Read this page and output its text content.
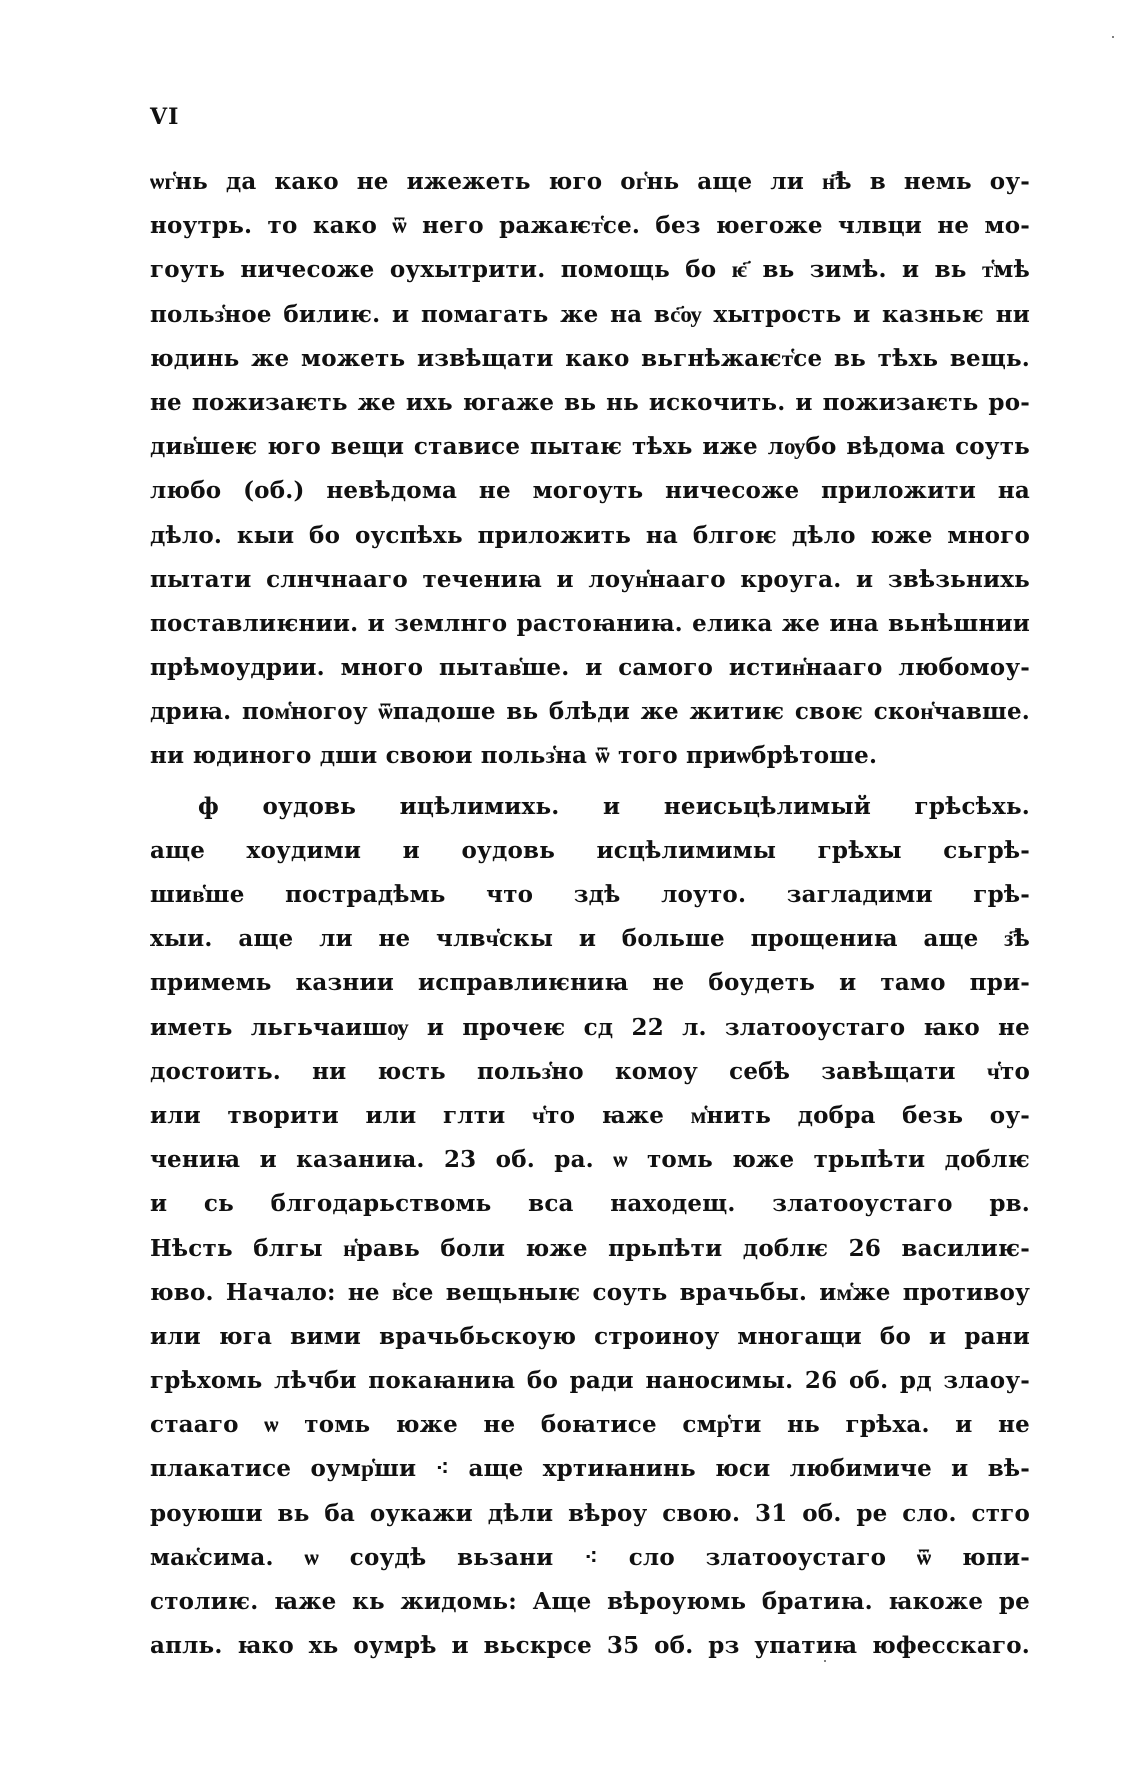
VI
ѡг҅нь да како не ижежеть юго ог҅нь аще ли н҃ѣ в немь оу-
ноутрь. то како ѿ него ражаѥт҅се. без юегоже члвци не мо-
гоуть ничесоже оухытрити. помощь бо ѥ҃ вь зимѣ. и вь т҅мѣ
польз҅ное билиѥ. и помагать же на вс҃ѹ хытрость и казньѥ ни
юдинь же можеть извѣщати како вьгнѣжаѥт҅се вь тѣхь вещь.
не пожизаѥть же ихь югаже вь нь искочить. и пожизаѥть ро-
див҅шеѥ юго вещи стависе пытаѥ тѣхь иже лѹбо вѣдома соуть
любо (об.) невѣдома не могоуть ничесоже приложити на
дѣло. кыи бо оуспѣхь приложить на блгоѥ дѣло юже много
пытати слнчнааго течениꙗ и лоун҅нааго кроуга. и звѣзьнихь
поставлиѥнии. и землнго растоꙗниꙗ. елика же ина вьнѣшнии
прѣмоудрии. много пытав҅ше. и самого истин҅нааго любомоу-
дриꙗ. пом҅ногоу ѿпадоше вь блѣди же житиѥ своѥ скон҅чавше.
ни юдиного дши своюи польз҅на ѿ того приѡбрѣтоше.
ф оудовь ицѣлимихь. и неисьцѣлимый грѣсѣхь.
аще хоудими и оудовь исцѣлимимы грѣхы сьгрѣ-
шив҅ше пострадѣмь что здѣ лоуто. загладими грѣ-
хыи. аще ли не члвч҅скы и больше прощениꙗ аще з҃ѣ
примемь казнии исправлиѥниꙗ не боудеть и тамо при-
иметь льгьчаишѹ и прочеѥ сд 22 л. златооустаго ꙗко не
достоить. ни юсть польз҅но комоу себѣ завѣщати ч҅то
или творити или глти ч҅то ꙗже м҅нить добра безь оу-
чениꙗ и казаниꙗ. 23 об. ра. ѡ томь юже трьпѣти доблѥ
и сь блгодарьствомь вса находещ. златооустаго рв.
Нѣсть блгы н҅равь боли юже прьпѣти доблѥ 26 василиѥ-
юво. Начало: не в҅се вещьныѥ соуть врачьбы. им҅же противоу
или юга вими врачьбьскоую строиноу многащи бо и рани
грѣхомь лѣчби покаꙗниꙗ бо ради наносимы. 26 об. рд злаоу-
стааго ѡ томь юже не боꙗтисе смр҅ти нь грѣха. и не
плакатисе оумр҅ши ⁖ аще хртиꙗнинь юси любимиче и вѣ-
роуюши вь ба оукажи дѣли вѣроу свою. 31 об. ре сло. стго
мак҅сима. ѡ соудѣ вьзани ⁖ сло златооустаго ѿ юпи-
столиѥ. ꙗже кь жидомь: Аще вѣроуюмь братиꙗ. ꙗкоже ре
апль. ꙗко хь оумрѣ и вьскрсе 35 об. рз упатиꙗ юфесскаго.
